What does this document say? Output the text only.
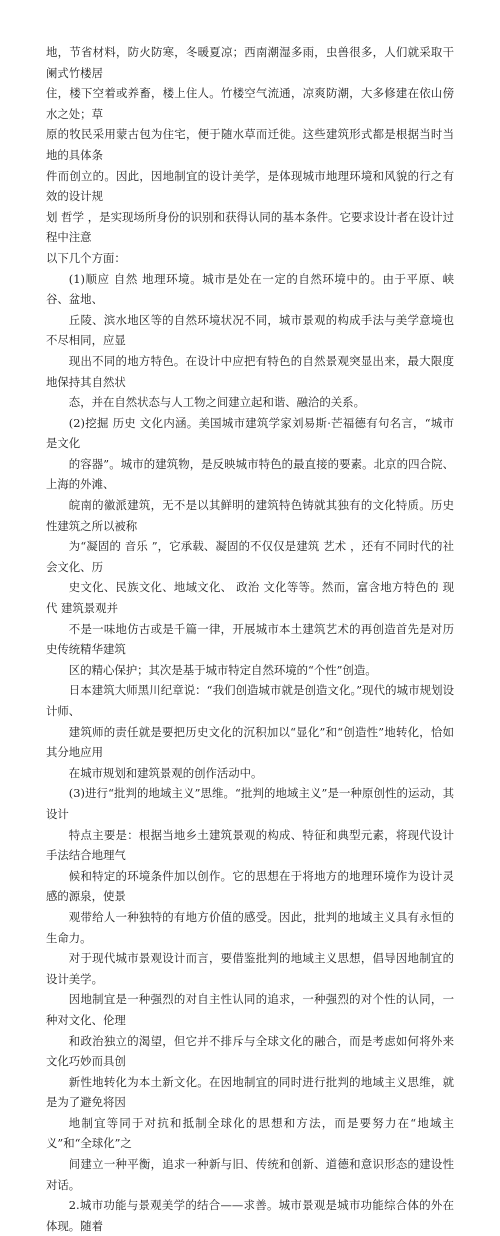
地，节省材料，防火防寒，冬暖夏凉；西南潮湿多雨，虫兽很多，人们就采取干阑式竹楼居
住，楼下空着或养畜，楼上住人。竹楼空气流通，凉爽防潮，大多修建在依山傍水之处；草
原的牧民采用蒙古包为住宅，便于随水草而迁徙。这些建筑形式都是根据当时当地的具体条
件而创立的。因此，因地制宜的设计美学，是体现城市地理环境和风貌的行之有效的设计规
划 哲学 ，是实现场所身份的识别和获得认同的基本条件。它要求设计者在设计过程中注意
以下几个方面：

(1)顺应 自然 地理环境。城市是处在一定的自然环境中的。由于平原、峡谷、盆地、
丘陵、滨水地区等的自然环境状况不同，城市景观的构成手法与美学意境也不尽相同，应显
现出不同的地方特色。在设计中应把有特色的自然景观突显出来，最大限度地保持其自然状
态，并在自然状态与人工物之间建立起和谐、融洽的关系。

(2)挖掘 历史 文化内涵。美国城市建筑学家刘易斯·芒福德有句名言，“城市是文化
的容器”。城市的建筑物，是反映城市特色的最直接的要素。北京的四合院、上海的外滩、
皖南的徽派建筑，无不是以其鲜明的建筑特色铸就其独有的文化特质。历史性建筑之所以被称
为“凝固的 音乐 ”，它承载、凝固的不仅仅是建筑 艺术 ，还有不同时代的社会文化、历
史文化、民族文化、地域文化、 政治 文化等等。然而，富含地方特色的 现代 建筑景观并
不是一味地仿古或是千篇一律，开展城市本土建筑艺术的再创造首先是对历史传统精华建筑
区的精心保护；其次是基于城市特定自然环境的“个性”创造。

日本建筑大师黑川纪章说：“我们创造城市就是创造文化。”现代的城市规划设计师、
建筑师的责任就是要把历史文化的沉积加以“显化”和“创造性”地转化，恰如其分地应用
在城市规划和建筑景观的创作活动中。

(3)进行“批判的地域主义”思维。“批判的地域主义”是一种原创性的运动，其设计
特点主要是：根据当地乡土建筑景观的构成、特征和典型元素，将现代设计手法结合地理气
候和特定的环境条件加以创作。它的思想在于将地方的地理环境作为设计灵感的源泉，使景
观带给人一种独特的有地方价值的感受。因此，批判的地域主义具有永恒的生命力。

对于现代城市景观设计而言，要借鉴批判的地域主义思想，倡导因地制宜的设计美学。
因地制宜是一种强烈的对自主性认同的追求，一种强烈的对个性的认同，一种对文化、伦理
和政治独立的渴望，但它并不排斥与全球文化的融合，而是考虑如何将外来文化巧妙而具创
新性地转化为本土新文化。在因地制宜的同时进行批判的地域主义思维，就是为了避免将因
地制宜等同于对抗和抵制全球化的思想和方法，而是要努力在“地域主义”和“全球化”之
间建立一种平衡，追求一种新与旧、传统和创新、道德和意识形态的建设性对话。

2.城市功能与景观美学的结合——求善。城市景观是城市功能综合体的外在体现。随着
